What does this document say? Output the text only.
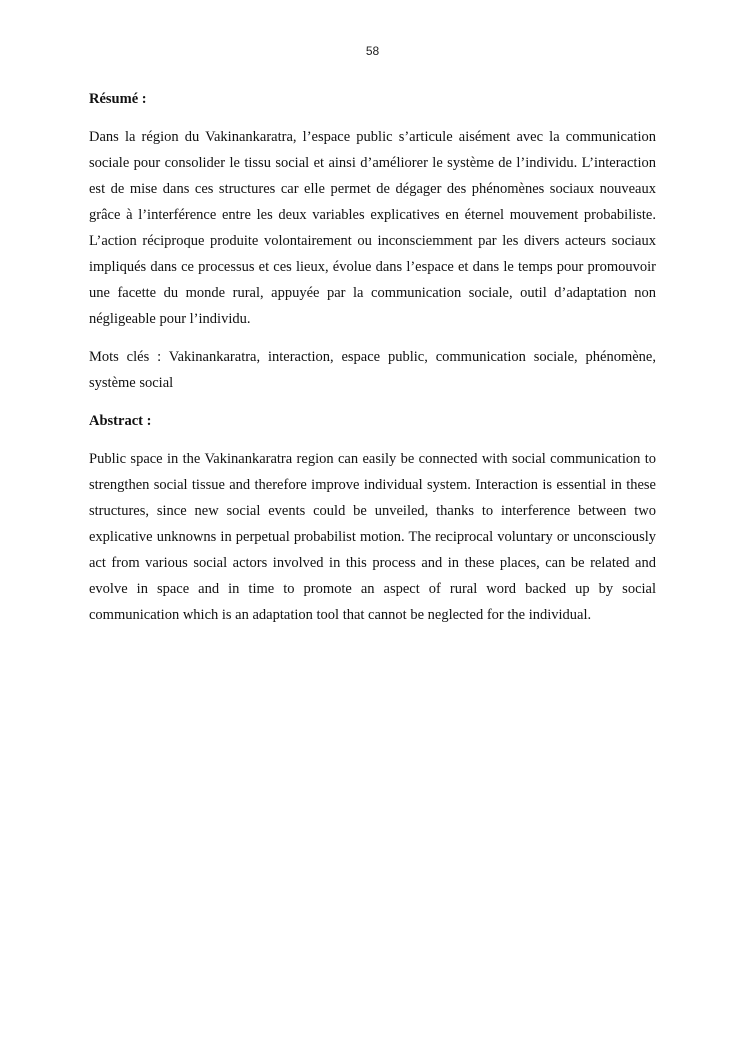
58
Résumé :

Dans la région du Vakinankaratra, l’espace public s’articule aisément avec la communication sociale pour consolider le tissu social et ainsi d’améliorer le système de l’individu. L’interaction est de mise dans ces structures car elle permet de dégager des phénomènes sociaux nouveaux grâce à l’interférence entre les deux variables explicatives en éternel mouvement probabiliste. L’action réciproque produite volontairement ou inconsciemment par les divers acteurs sociaux impliqués dans ce processus et ces lieux, évolue dans l’espace et dans le temps pour promouvoir une facette du monde rural, appuyée par la communication sociale, outil d’adaptation non négligeable pour l’individu.

Mots clés : Vakinankaratra, interaction, espace public, communication sociale, phénomène, système social

Abstract :

Public space in the Vakinankaratra region can easily be connected with social communication to strengthen social tissue and therefore improve individual system. Interaction is essential in these structures, since new social events could be unveiled, thanks to interference between two explicative unknowns in perpetual probabilist motion. The reciprocal voluntary or unconsciously act from various social actors involved in this process and in these places, can be related and evolve in space and in time to promote an aspect of rural word backed up by social communication which is an adaptation tool that cannot be neglected for the individual.
